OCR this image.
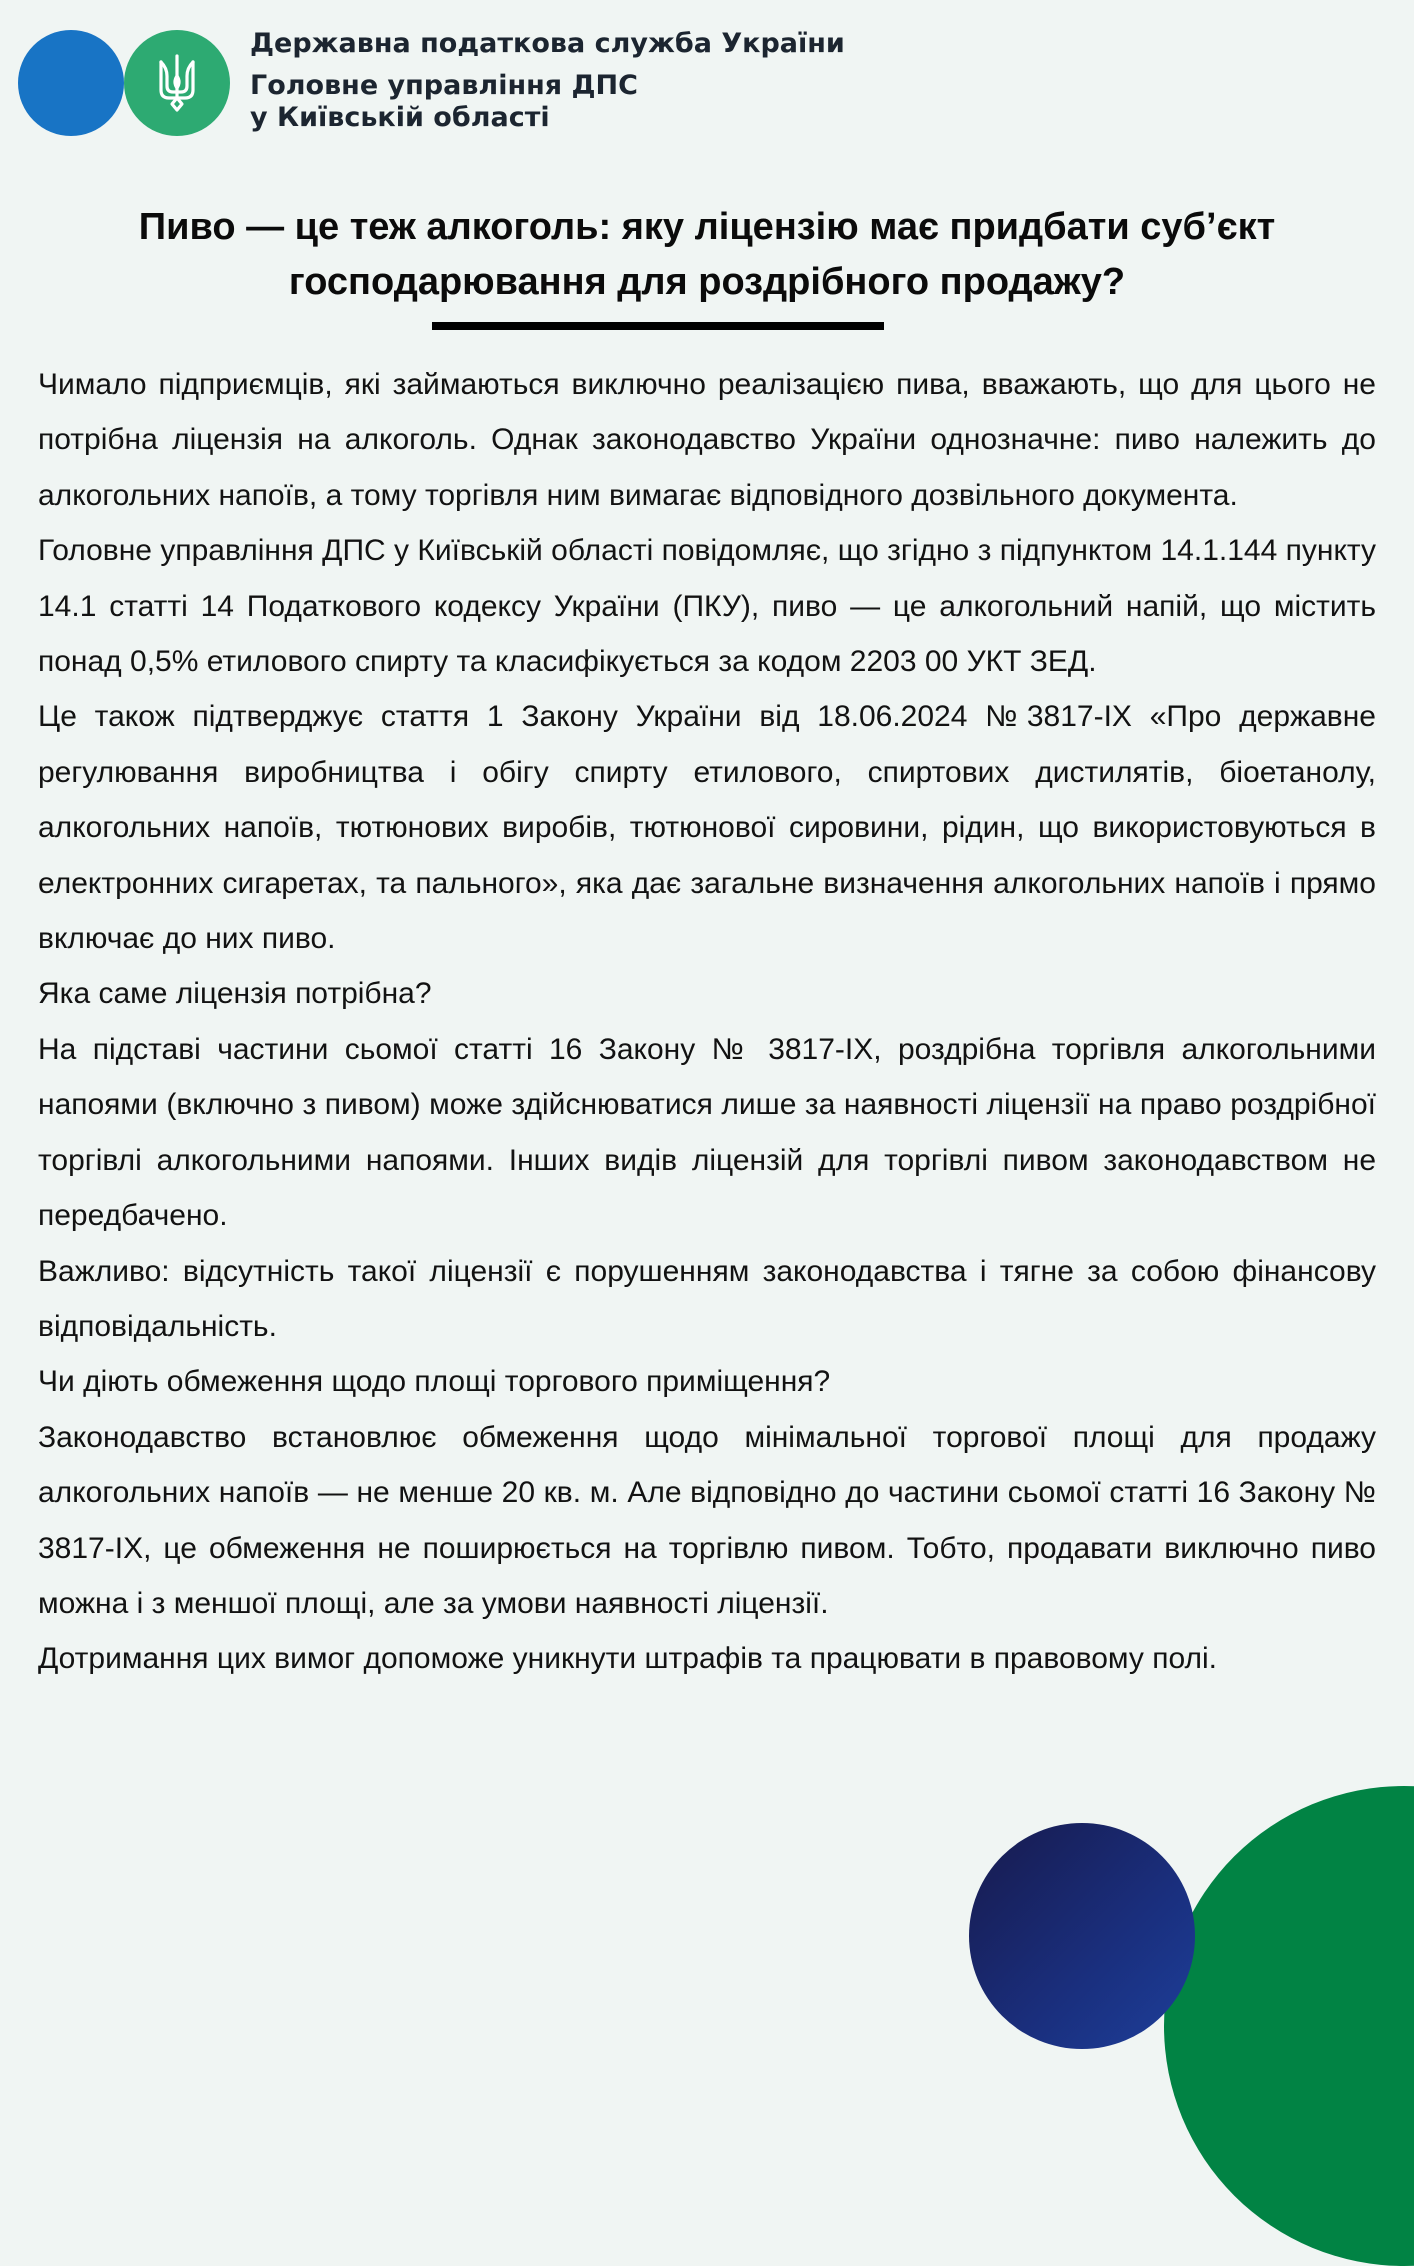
Державна податкова служба України

Головне управління ДПС
у Київській області

Пиво — це теж алкоголь: яку ліцензію має придбати суб’єкт
господарювання для роздрібного продажу?

Чимало підприємців, які займаються виключно реалізацією пива, вважають, що для цього не потрібна ліцензія на алкоголь. Однак законодавство України однозначне: пиво належить до алкогольних напоїв, а тому торгівля ним вимагає відповідного дозвільного документа.

Головне управління ДПС у Київській області повідомляє, що згідно з підпунктом 14.1.144 пункту 14.1 статті 14 Податкового кодексу України (ПКУ), пиво — це алкогольний напій, що містить понад 0,5% етилового спирту та класифікується за кодом 2203 00 УКТ ЗЕД.

Це також підтверджує стаття 1 Закону України від 18.06.2024 №3817-IX «Про державне регулювання виробництва і обігу спирту етилового, спиртових дистилятів, біоетанолу, алкогольних напоїв, тютюнових виробів, тютюнової сировини, рідин, що використовуються в електронних сигаретах, та пального», яка дає загальне визначення алкогольних напоїв і прямо включає до них пиво.

Яка саме ліцензія потрібна?

На підставі частини сьомої статті 16 Закону № 3817-IX, роздрібна торгівля алкогольними напоями (включно з пивом) може здійснюватися лише за наявності ліцензії на право роздрібної торгівлі алкогольними напоями. Інших видів ліцензій для торгівлі пивом законодавством не передбачено.

Важливо: відсутність такої ліцензії є порушенням законодавства і тягне за собою фінансову відповідальність.

Чи діють обмеження щодо площі торгового приміщення?

Законодавство встановлює обмеження щодо мінімальної торгової площі для продажу алкогольних напоїв — не менше 20 кв. м. Але відповідно до частини сьомої статті 16 Закону № 3817-IX, це обмеження не поширюється на торгівлю пивом. Тобто, продавати виключно пиво можна і з меншої площі, але за умови наявності ліцензії.

Дотримання цих вимог допоможе уникнути штрафів та працювати в правовому полі.
